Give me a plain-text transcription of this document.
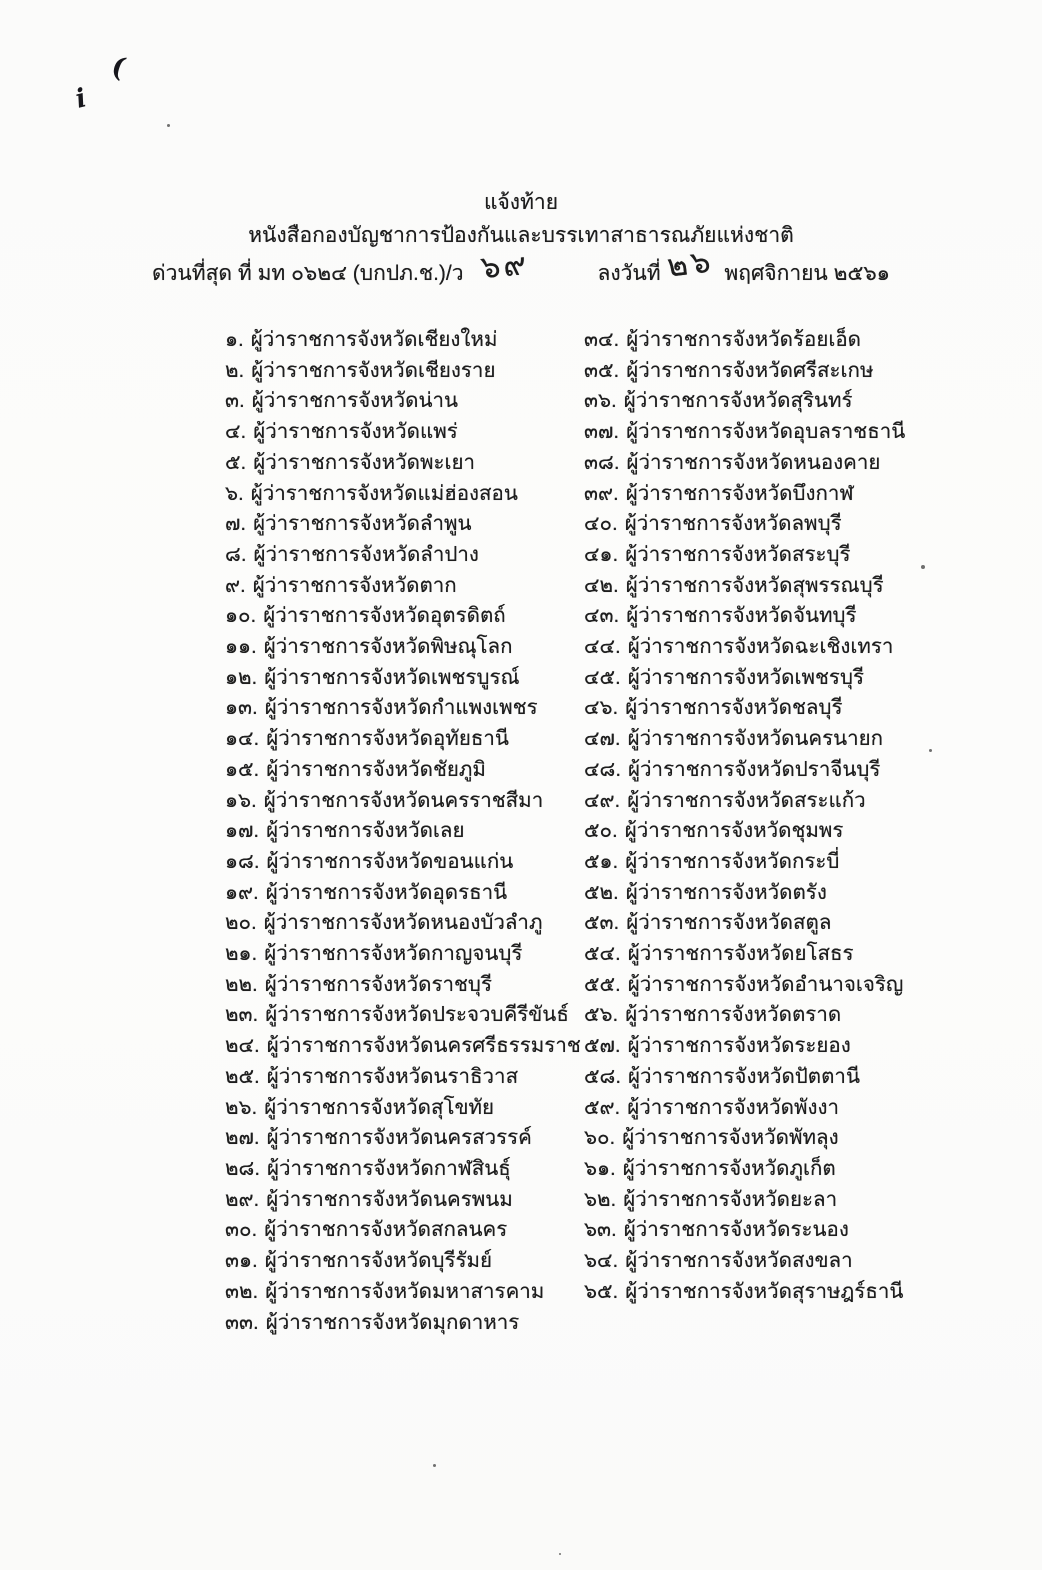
(
i
แจ้งท้าย
หนังสือกองบัญชาการป้องกันและบรรเทาสาธารณภัยแห่งชาติ
ด่วนที่สุด ที่ มท ๐๖๒๔ (บกปภ.ช.)/ว ๖๙	ลงวันที่ ๒๖ พฤศจิกายน ๒๕๖๑
๑. ผู้ว่าราชการจังหวัดเชียงใหม่
๒. ผู้ว่าราชการจังหวัดเชียงราย
๓. ผู้ว่าราชการจังหวัดน่าน
๔. ผู้ว่าราชการจังหวัดแพร่
๕. ผู้ว่าราชการจังหวัดพะเยา
๖. ผู้ว่าราชการจังหวัดแม่ฮ่องสอน
๗. ผู้ว่าราชการจังหวัดลำพูน
๘. ผู้ว่าราชการจังหวัดลำปาง
๙. ผู้ว่าราชการจังหวัดตาก
๑๐. ผู้ว่าราชการจังหวัดอุตรดิตถ์
๑๑. ผู้ว่าราชการจังหวัดพิษณุโลก
๑๒. ผู้ว่าราชการจังหวัดเพชรบูรณ์
๑๓. ผู้ว่าราชการจังหวัดกำแพงเพชร
๑๔. ผู้ว่าราชการจังหวัดอุทัยธานี
๑๕. ผู้ว่าราชการจังหวัดชัยภูมิ
๑๖. ผู้ว่าราชการจังหวัดนครราชสีมา
๑๗. ผู้ว่าราชการจังหวัดเลย
๑๘. ผู้ว่าราชการจังหวัดขอนแก่น
๑๙. ผู้ว่าราชการจังหวัดอุดรธานี
๒๐. ผู้ว่าราชการจังหวัดหนองบัวลำภู
๒๑. ผู้ว่าราชการจังหวัดกาญจนบุรี
๒๒. ผู้ว่าราชการจังหวัดราชบุรี
๒๓. ผู้ว่าราชการจังหวัดประจวบคีรีขันธ์
๒๔. ผู้ว่าราชการจังหวัดนครศรีธรรมราช
๒๕. ผู้ว่าราชการจังหวัดนราธิวาส
๒๖. ผู้ว่าราชการจังหวัดสุโขทัย
๒๗. ผู้ว่าราชการจังหวัดนครสวรรค์
๒๘. ผู้ว่าราชการจังหวัดกาฬสินธุ์
๒๙. ผู้ว่าราชการจังหวัดนครพนม
๓๐. ผู้ว่าราชการจังหวัดสกลนคร
๓๑. ผู้ว่าราชการจังหวัดบุรีรัมย์
๓๒. ผู้ว่าราชการจังหวัดมหาสารคาม
๓๓. ผู้ว่าราชการจังหวัดมุกดาหาร
๓๔. ผู้ว่าราชการจังหวัดร้อยเอ็ด
๓๕. ผู้ว่าราชการจังหวัดศรีสะเกษ
๓๖. ผู้ว่าราชการจังหวัดสุรินทร์
๓๗. ผู้ว่าราชการจังหวัดอุบลราชธานี
๓๘. ผู้ว่าราชการจังหวัดหนองคาย
๓๙. ผู้ว่าราชการจังหวัดบึงกาฬ
๔๐. ผู้ว่าราชการจังหวัดลพบุรี
๔๑. ผู้ว่าราชการจังหวัดสระบุรี
๔๒. ผู้ว่าราชการจังหวัดสุพรรณบุรี
๔๓. ผู้ว่าราชการจังหวัดจันทบุรี
๔๔. ผู้ว่าราชการจังหวัดฉะเชิงเทรา
๔๕. ผู้ว่าราชการจังหวัดเพชรบุรี
๔๖. ผู้ว่าราชการจังหวัดชลบุรี
๔๗. ผู้ว่าราชการจังหวัดนครนายก
๔๘. ผู้ว่าราชการจังหวัดปราจีนบุรี
๔๙. ผู้ว่าราชการจังหวัดสระแก้ว
๕๐. ผู้ว่าราชการจังหวัดชุมพร
๕๑. ผู้ว่าราชการจังหวัดกระบี่
๕๒. ผู้ว่าราชการจังหวัดตรัง
๕๓. ผู้ว่าราชการจังหวัดสตูล
๕๔. ผู้ว่าราชการจังหวัดยโสธร
๕๕. ผู้ว่าราชการจังหวัดอำนาจเจริญ
๕๖. ผู้ว่าราชการจังหวัดตราด
๕๗. ผู้ว่าราชการจังหวัดระยอง
๕๘. ผู้ว่าราชการจังหวัดปัตตานี
๕๙. ผู้ว่าราชการจังหวัดพังงา
๖๐. ผู้ว่าราชการจังหวัดพัทลุง
๖๑. ผู้ว่าราชการจังหวัดภูเก็ต
๖๒. ผู้ว่าราชการจังหวัดยะลา
๖๓. ผู้ว่าราชการจังหวัดระนอง
๖๔. ผู้ว่าราชการจังหวัดสงขลา
๖๕. ผู้ว่าราชการจังหวัดสุราษฎร์ธานี
